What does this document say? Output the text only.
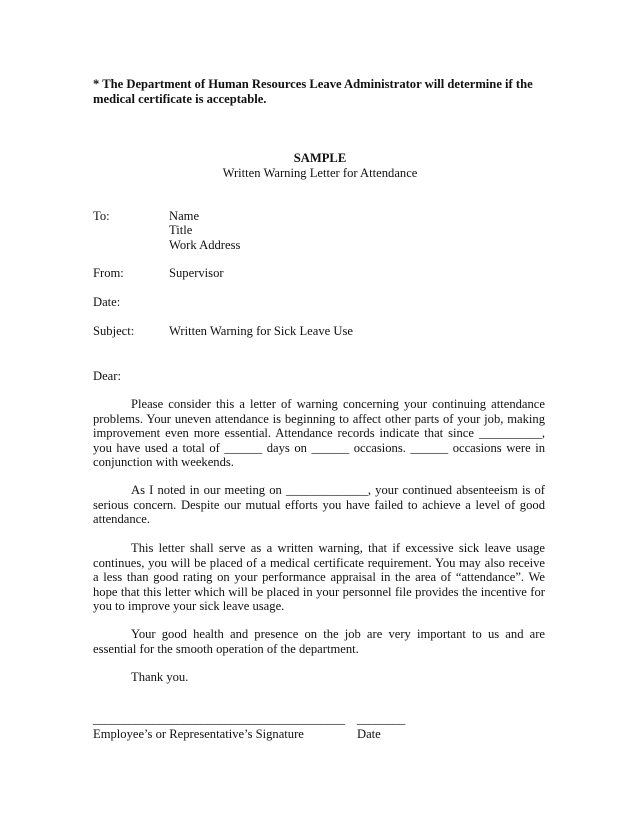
* The Department of Human Resources Leave Administrator will determine if the medical certificate is acceptable.
SAMPLE
Written Warning Letter for Attendance
To:	Name
Title
Work Address
From:	Supervisor
Date:
Subject:	Written Warning for Sick Leave Use
Dear:

Please consider this a letter of warning concerning your continuing attendance problems. Your uneven attendance is beginning to affect other parts of your job, making improvement even more essential. Attendance records indicate that since __________, you have used a total of ______ days on ______ occasions. ______ occasions were in conjunction with weekends.

As I noted in our meeting on _____________, your continued absenteeism is of serious concern. Despite our mutual efforts you have failed to achieve a level of good attendance.

This letter shall serve as a written warning, that if excessive sick leave usage continues, you will be placed of a medical certificate requirement. You may also receive a less than good rating on your performance appraisal in the area of “attendance”. We hope that this letter which will be placed in your personnel file provides the incentive for you to improve your sick leave usage.

Your good health and presence on the job are very important to us and are essential for the smooth operation of the department.

Thank you.

__________________________________________
Employee’s or Representative’s Signature
________
Date
